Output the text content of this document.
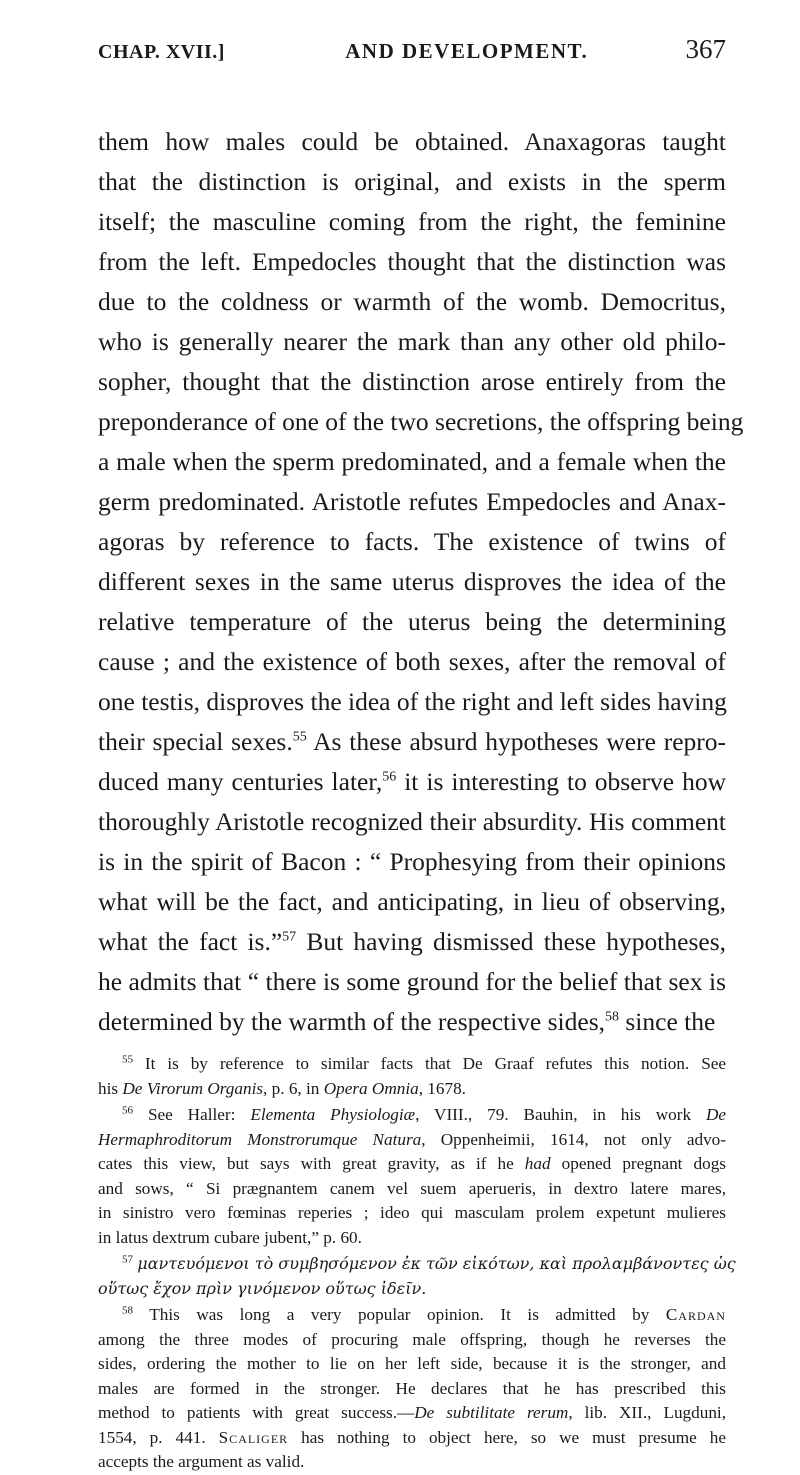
CHAP. XVII.]	AND DEVELOPMENT.	367
them how males could be obtained. Anaxagoras taught
that the distinction is original, and exists in the sperm
itself; the masculine coming from the right, the feminine
from the left. Empedocles thought that the distinction was
due to the coldness or warmth of the womb. Democritus,
who is generally nearer the mark than any other old philo-
sopher, thought that the distinction arose entirely from the
preponderance of one of the two secretions, the offspring being
a male when the sperm predominated, and a female when the
germ predominated. Aristotle refutes Empedocles and Anax-
agoras by reference to facts. The existence of twins of
different sexes in the same uterus disproves the idea of the
relative temperature of the uterus being the determining
cause ; and the existence of both sexes, after the removal of
one testis, disproves the idea of the right and left sides having
their special sexes.$^{55}$ As these absurd hypotheses were repro-
duced many centuries later,$^{56}$ it is interesting to observe how
thoroughly Aristotle recognized their absurdity. His comment
is in the spirit of Bacon : “ Prophesying from their opinions
what will be the fact, and anticipating, in lieu of observing,
what the fact is.”$^{57}$ But having dismissed these hypotheses,
he admits that “ there is some ground for the belief that sex is
determined by the warmth of the respective sides,$^{58}$ since the
$^{55}$ It is by reference to similar facts that De Graaf refutes this notion. See
his De Virorum Organis, p. 6, in Opera Omnia, 1678.
$^{56}$ See Haller: Elementa Physiologiæ, VIII., 79. Bauhin, in his work De
Hermaphroditorum Monstrorumque Natura, Oppenheimii, 1614, not only advo-
cates this view, but says with great gravity, as if he had opened pregnant dogs
and sows, “ Si prægnantem canem vel suem aperueris, in dextro latere mares,
in sinistro vero fœminas reperies ; ideo qui masculam prolem expetunt mulieres
in latus dextrum cubare jubent,” p. 60.
$^{57}$ μαντευόμενοι τὸ συμβησόμενον ἐκ τῶν εἰκότων, καὶ προλαμβάνοντες ὡς
οὕτως ἔχον πρὶν γινόμενον οὕτως ἰδεῖν.
$^{58}$ This was long a very popular opinion. It is admitted by Cardan
among the three modes of procuring male offspring, though he reverses the
sides, ordering the mother to lie on her left side, because it is the stronger, and
males are formed in the stronger. He declares that he has prescribed this
method to patients with great success.—De subtilitate rerum, lib. XII., Lugduni,
1554, p. 441. Scaliger has nothing to object here, so we must presume he
accepts the argument as valid.
